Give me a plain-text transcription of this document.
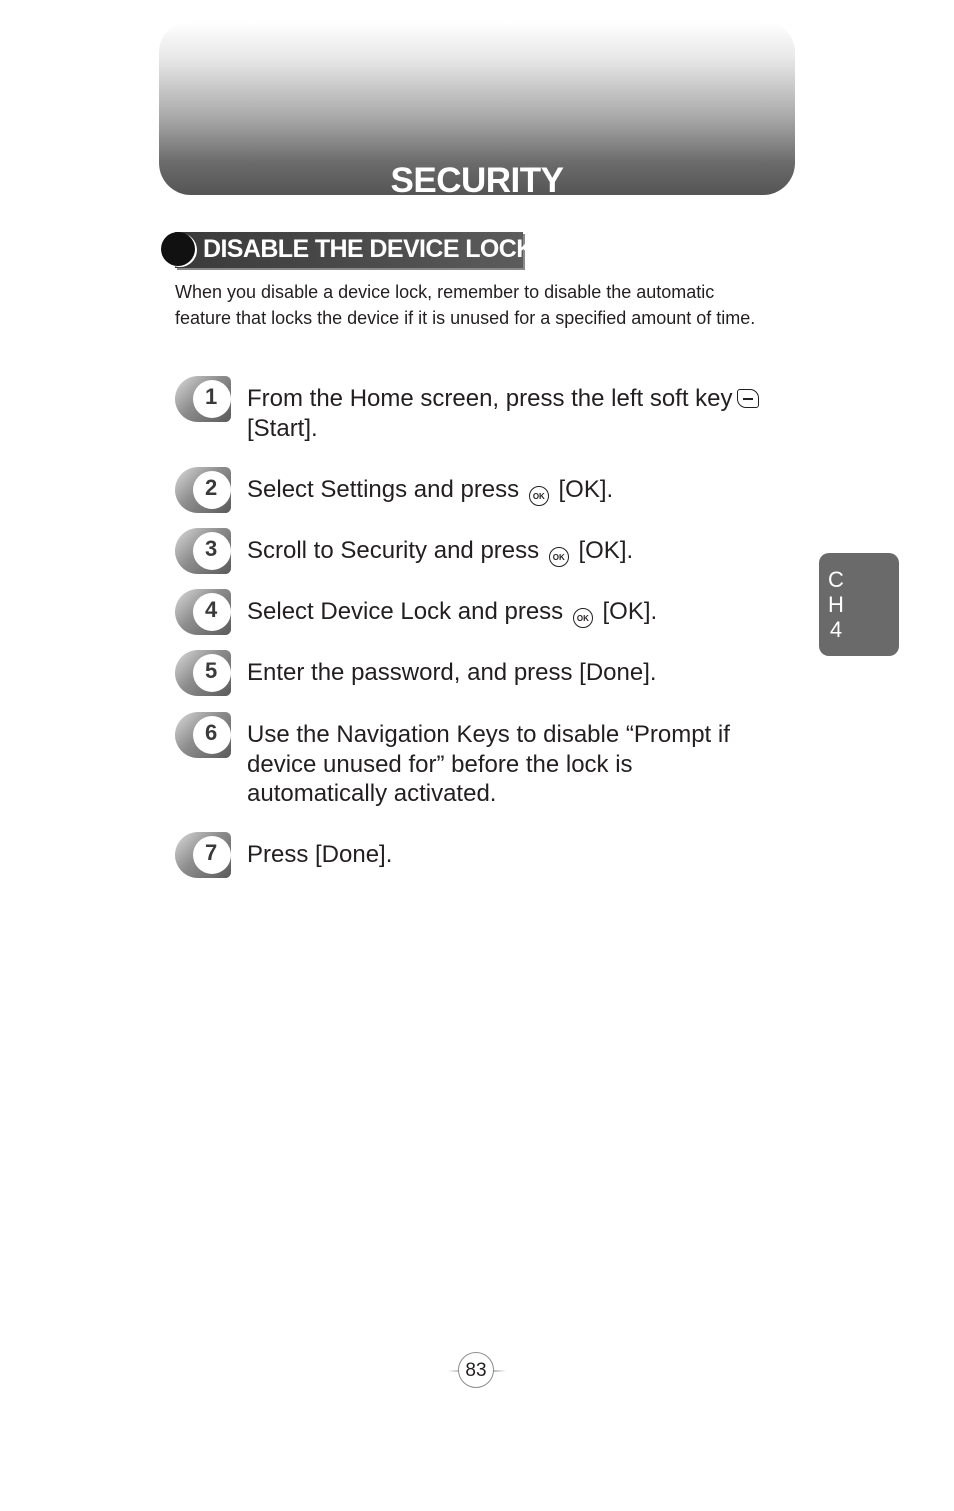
SECURITY
DISABLE THE DEVICE LOCK
When you disable a device lock, remember to disable the automatic feature that locks the device if it is unused for a specified amount of time.
1 From the Home screen, press the left soft key
[Start].
2 Select Settings and press OK [OK].
3 Scroll to Security and press OK [OK].
4 Select Device Lock and press OK [OK].
5 Enter the password, and press [Done].
6 Use the Navigation Keys to disable “Prompt if device unused for” before the lock is automatically activated.
7 Press [Done].
C
H
4
83
